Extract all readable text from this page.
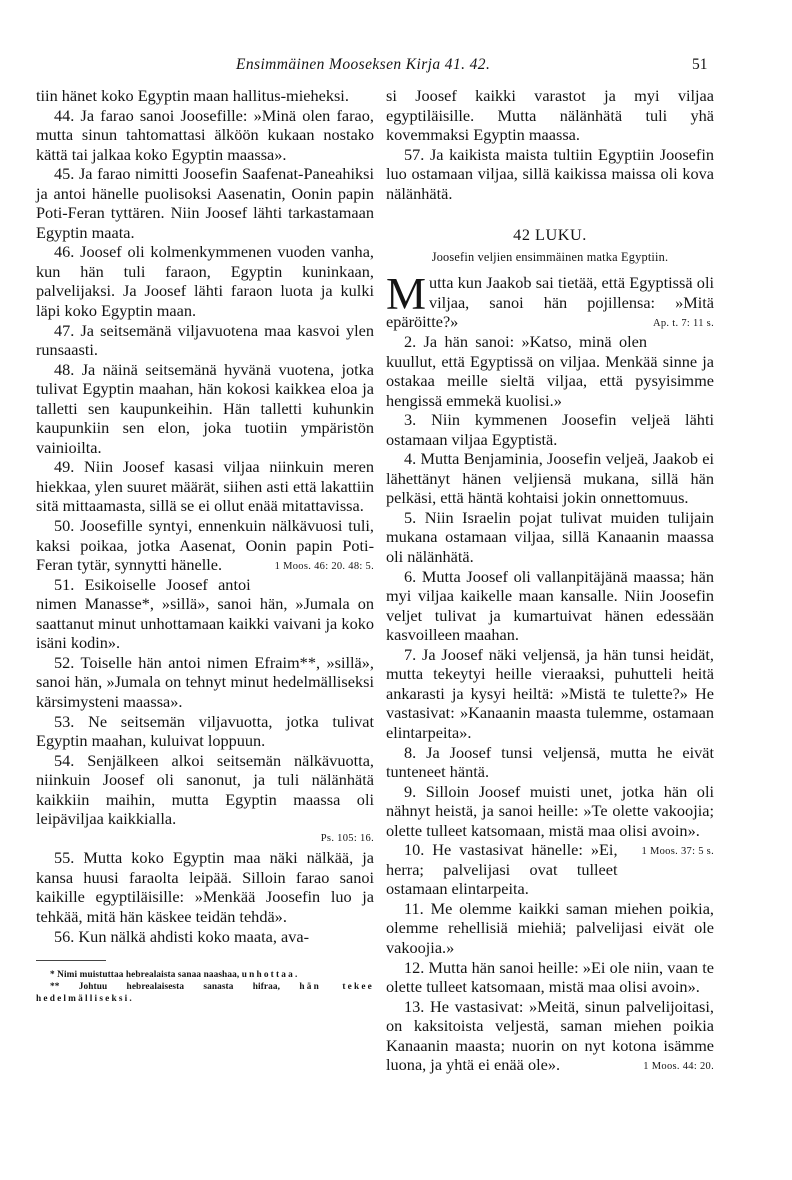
Ensimmäinen Mooseksen Kirja 41. 42.	51

tiin hänet koko Egyptin maan hallitus-mieheksi.

44. Ja farao sanoi Joosefille: »Minä olen farao, mutta sinun tahtomattasi älköön kukaan nostako kättä tai jalkaa koko Egyptin maassa».

45. Ja farao nimitti Joosefin Saafenat-Paneahiksi ja antoi hänelle puolisoksi Aasenatin, Oonin papin Poti-Feran tyttären. Niin Joosef lähti tarkastamaan Egyptin maata.

46. Joosef oli kolmenkymmenen vuoden vanha, kun hän tuli faraon, Egyptin kuninkaan, palvelijaksi. Ja Joosef lähti faraon luota ja kulki läpi koko Egyptin maan.

47. Ja seitsemänä viljavuotena maa kasvoi ylen runsaasti.

48. Ja näinä seitsemänä hyvänä vuotena, jotka tulivat Egyptin maahan, hän kokosi kaikkea eloa ja talletti sen kaupunkeihin. Hän talletti kuhunkin kaupunkiin sen elon, joka tuotiin ympäristön vainioilta.

49. Niin Joosef kasasi viljaa niinkuin meren hiekkaa, ylen suuret määrät, siihen asti että lakattiin sitä mittaamasta, sillä se ei ollut enää mitattavissa.

50. Joosefille syntyi, ennenkuin nälkävuosi tuli, kaksi poikaa, jotka Aasenat, Oonin papin Poti-Feran tytär, synnytti hänelle.	1 Moos. 46: 20. 48: 5.

51. Esikoiselle Joosef antoi nimen Manasse*, »sillä», sanoi hän, »Jumala on saattanut minut unhottamaan kaikki vaivani ja koko isäni kodin».

52. Toiselle hän antoi nimen Efraim**, »sillä», sanoi hän, »Jumala on tehnyt minut hedelmälliseksi kärsimysteni maassa».

53. Ne seitsemän viljavuotta, jotka tulivat Egyptin maahan, kuluivat loppuun.

54. Senjälkeen alkoi seitsemän nälkävuotta, niinkuin Joosef oli sanonut, ja tuli nälänhätä kaikkiin maihin, mutta Egyptin maassa oli leipäviljaa kaikkialla.

Ps. 105: 16.

55. Mutta koko Egyptin maa näki nälkää, ja kansa huusi faraolta leipää. Silloin farao sanoi kaikille egyptiläisille: »Menkää Joosefin luo ja tehkää, mitä hän käskee teidän tehdä».

56. Kun nälkä ahdisti koko maata, ava-

* Nimi muistuttaa hebrealaista sanaa naashaa, unhottaa.

** Johtuu hebrealaisesta sanasta hifraa, hän tekee hedelmälliseksi.

si Joosef kaikki varastot ja myi viljaa egyptiläisille. Mutta nälänhätä tuli yhä kovemmaksi Egyptin maassa.

57. Ja kaikista maista tultiin Egyptiin Joosefin luo ostamaan viljaa, sillä kaikissa maissa oli kova nälänhätä.

42 LUKU.
Joosefin veljien ensimmäinen matka Egyptiin.

Mutta kun Jaakob sai tietää, että Egyptissä oli viljaa, sanoi hän pojillensa: »Mitä epäröitte?»	Ap. t. 7: 11 s.

2. Ja hän sanoi: »Katso, minä olen kuullut, että Egyptissä on viljaa. Menkää sinne ja ostakaa meille sieltä viljaa, että pysyisimme hengissä emmekä kuolisi.»

3. Niin kymmenen Joosefin veljeä lähti ostamaan viljaa Egyptistä.

4. Mutta Benjaminia, Joosefin veljeä, Jaakob ei lähettänyt hänen veljiensä mukana, sillä hän pelkäsi, että häntä kohtaisi jokin onnettomuus.

5. Niin Israelin pojat tulivat muiden tulijain mukana ostamaan viljaa, sillä Kanaanin maassa oli nälänhätä.

6. Mutta Joosef oli vallanpitäjänä maassa; hän myi viljaa kaikelle maan kansalle. Niin Joosefin veljet tulivat ja kumartuivat hänen edessään kasvoilleen maahan.

7. Ja Joosef näki veljensä, ja hän tunsi heidät, mutta tekeytyi heille vieraaksi, puhutteli heitä ankarasti ja kysyi heiltä: »Mistä te tulette?» He vastasivat: »Kanaanin maasta tulemme, ostamaan elintarpeita».

8. Ja Joosef tunsi veljensä, mutta he eivät tunteneet häntä.

9. Silloin Joosef muisti unet, jotka hän oli nähnyt heistä, ja sanoi heille: »Te olette vakoojia; olette tulleet katsomaan, mistä maa olisi avoin».
1 Moos. 37: 5 s.

10. He vastasivat hänelle: »Ei, herra; palvelijasi ovat tulleet ostamaan elintarpeita.

11. Me olemme kaikki saman miehen poikia, olemme rehellisiä miehiä; palvelijasi eivät ole vakoojia.»

12. Mutta hän sanoi heille: »Ei ole niin, vaan te olette tulleet katsomaan, mistä maa olisi avoin».

13. He vastasivat: »Meitä, sinun palvelijoitasi, on kaksitoista veljestä, saman miehen poikia Kanaanin maasta; nuorin on nyt kotona isämme luona, ja yhtä ei enää ole».	1 Moos. 44: 20.
